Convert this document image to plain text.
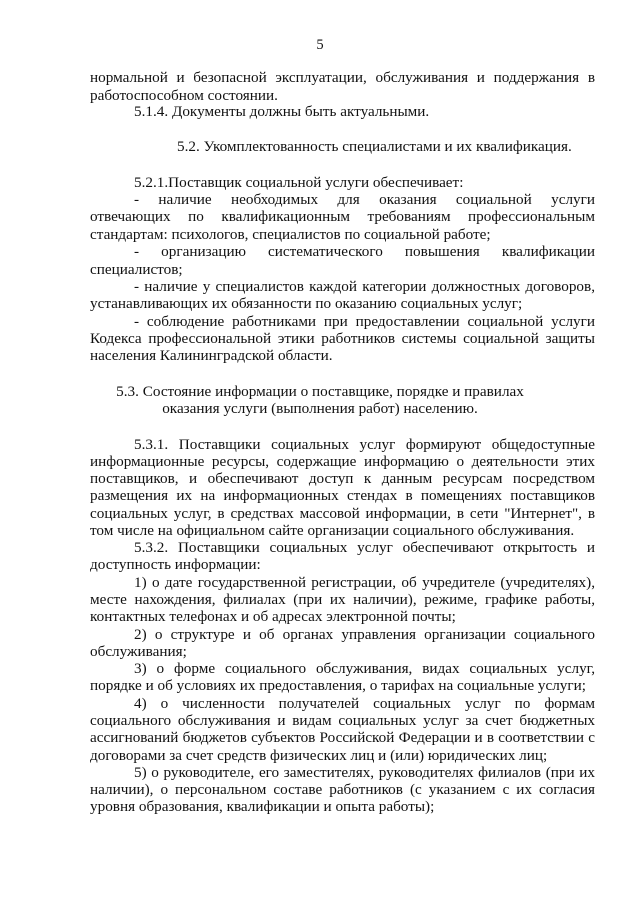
5
нормальной и безопасной эксплуатации, обслуживания и поддержания в
работоспособном состоянии.
5.1.4. Документы должны быть актуальными.
5.2. Укомплектованность специалистами и их квалификация.
5.2.1.Поставщик социальной услуги обеспечивает:
- наличие необходимых для оказания социальной услуги
отвечающих по квалификационным требованиям профессиональным
стандартам: психологов, специалистов по социальной работе;
- организацию систематического повышения квалификации
специалистов;
- наличие у специалистов каждой категории должностных договоров,
устанавливающих их обязанности по оказанию социальных услуг;
- соблюдение работниками при предоставлении социальной услуги
Кодекса профессиональной этики работников системы социальной защиты
населения Калининградской области.
5.3. Состояние информации о поставщике, порядке и правилах
оказания услуги (выполнения работ) населению.
5.3.1. Поставщики социальных услуг формируют общедоступные
информационные ресурсы, содержащие информацию о деятельности этих
поставщиков, и обеспечивают доступ к данным ресурсам посредством
размещения их на информационных стендах в помещениях поставщиков
социальных услуг, в средствах массовой информации, в сети "Интернет", в
том числе на официальном сайте организации социального обслуживания.
5.3.2. Поставщики социальных услуг обеспечивают открытость и
доступность информации:
1) о дате государственной регистрации, об учредителе (учредителях),
месте нахождения, филиалах (при их наличии), режиме, графике работы,
контактных телефонах и об адресах электронной почты;
2) о структуре и об органах управления организации социального
обслуживания;
3) о форме социального обслуживания, видах социальных услуг,
порядке и об условиях их предоставления, о тарифах на социальные услуги;
4) о численности получателей социальных услуг по формам
социального обслуживания и видам социальных услуг за счет бюджетных
ассигнований бюджетов субъектов Российской Федерации и в соответствии с
договорами за счет средств физических лиц и (или) юридических лиц;
5) о руководителе, его заместителях, руководителях филиалов (при их
наличии), о персональном составе работников (с указанием с их согласия
уровня образования, квалификации и опыта работы);
